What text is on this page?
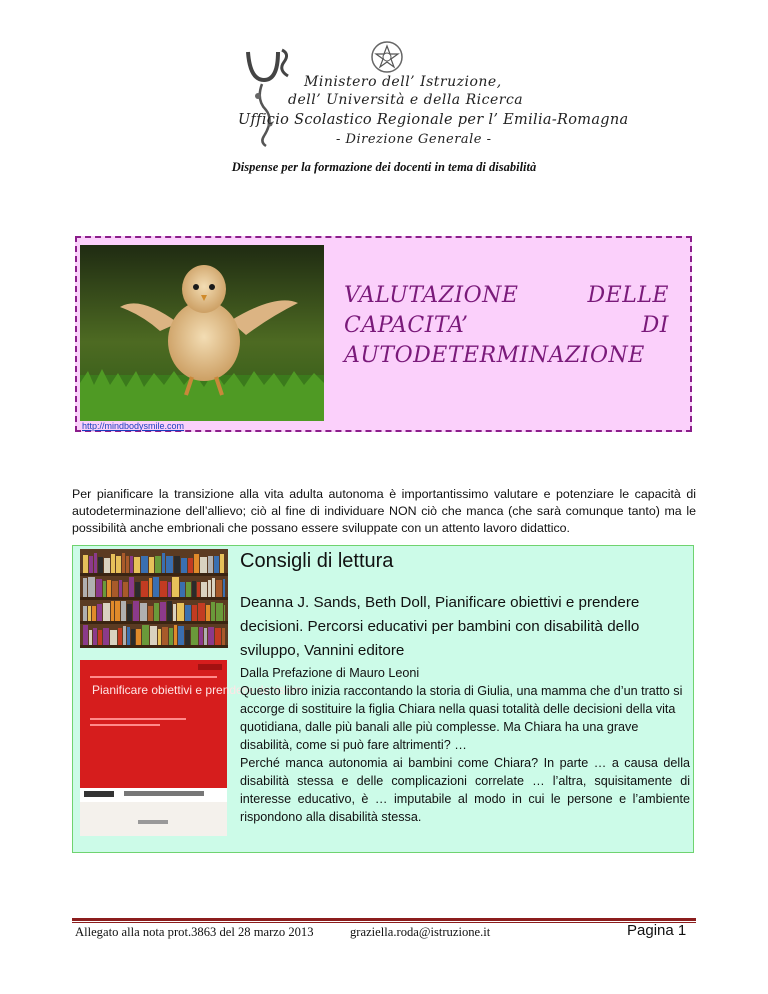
Ministero dell’ Istruzione,
dell’ Università e della Ricerca
Ufficio Scolastico Regionale per l’ Emilia-Romagna
- Direzione Generale -
Dispense per la formazione dei docenti in tema di disabilità
VALUTAZIONE	DELLE
CAPACITA’	DI
AUTODETERMINAZIONE
http://mindbodysmile.com
Per pianificare la transizione alla vita adulta autonoma è importantissimo valutare e potenziare le capacità di autodeterminazione dell’allievo; ciò al fine di individuare NON ciò che manca (che sarà comunque tanto) ma le possibilità anche embrionali che possano essere sviluppate con un attento lavoro didattico.
Pianificare obiettivi e prendere decisioni
Consigli di lettura
Deanna J. Sands, Beth Doll, Pianificare obiettivi e prendere decisioni. Percorsi educativi per bambini con disabilità dello sviluppo, Vannini editore

Dalla Prefazione di Mauro Leoni

Questo libro inizia raccontando la storia di Giulia, una mamma che d’un tratto si accorge di sostituire la figlia Chiara nella quasi totalità delle decisioni della vita quotidiana, dalle più banali alle più complesse. Ma Chiara ha una grave disabilità, come si può fare altrimenti? …

Perché manca autonomia ai bambini come Chiara? In parte … a causa della disabilità stessa e delle complicazioni correlate … l’altra, squisitamente di interesse educativo, è … imputabile al modo in cui le persone e l’ambiente rispondono alla disabilità stessa.

Allegato alla nota prot.3863 del 28 marzo 2013	graziella.roda@istruzione.it	Pagina 1
